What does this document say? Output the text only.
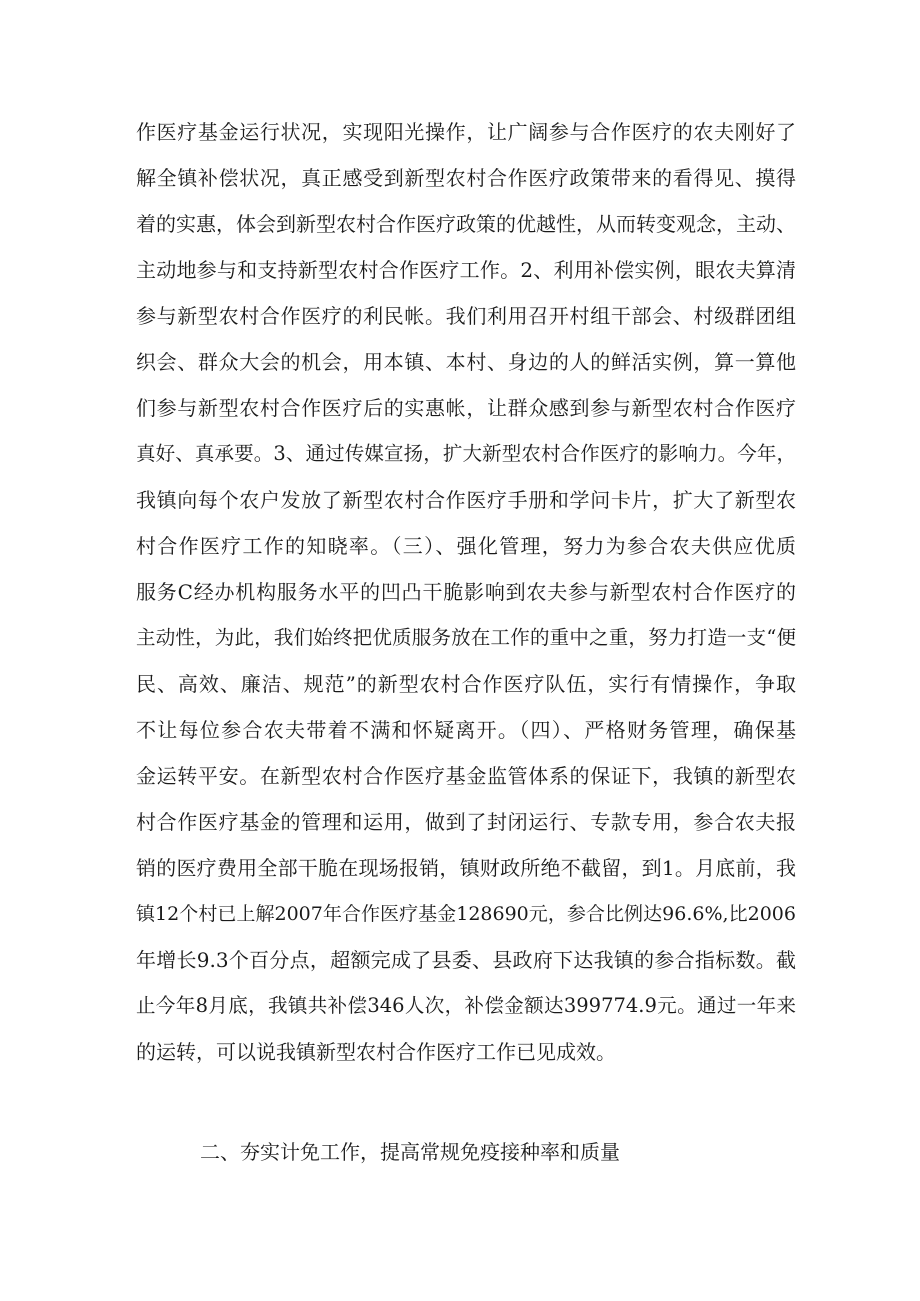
作医疗基金运行状况，实现阳光操作，让广阔参与合作医疗的农夫刚好了
解全镇补偿状况，真正感受到新型农村合作医疗政策带来的看得见、摸得
着的实惠，体会到新型农村合作医疗政策的优越性，从而转变观念，主动、
主动地参与和支持新型农村合作医疗工作。2、利用补偿实例，眼农夫算清
参与新型农村合作医疗的利民帐。我们利用召开村组干部会、村级群团组
织会、群众大会的机会，用本镇、本村、身边的人的鲜活实例，算一算他
们参与新型农村合作医疗后的实惠帐，让群众感到参与新型农村合作医疗
真好、真承要。3、通过传媒宣扬，扩大新型农村合作医疗的影响力。今年，
我镇向每个农户发放了新型农村合作医疗手册和学问卡片，扩大了新型农
村合作医疗工作的知晓率。（三）、强化管理，努力为参合农夫供应优质
服务C经办机构服务水平的凹凸干脆影响到农夫参与新型农村合作医疗的
主动性，为此，我们始终把优质服务放在工作的重中之重，努力打造一支“便
民、高效、廉洁、规范”的新型农村合作医疗队伍，实行有情操作，争取
不让每位参合农夫带着不满和怀疑离开。（四）、严格财务管理，确保基
金运转平安。在新型农村合作医疗基金监管体系的保证下，我镇的新型农
村合作医疗基金的管理和运用，做到了封闭运行、专款专用，参合农夫报
销的医疗费用全部干脆在现场报销，镇财政所绝不截留，到1。月底前，我
镇12个村已上解2007年合作医疗基金128690元，参合比例达96.6%,比2006
年增长9.3个百分点，超额完成了县委、县政府下达我镇的参合指标数。截
止今年8月底，我镇共补偿346人次，补偿金额达399774.9元。通过一年来
的运转，可以说我镇新型农村合作医疗工作已见成效。
二、夯实计免工作，提高常规免疫接种率和质量
